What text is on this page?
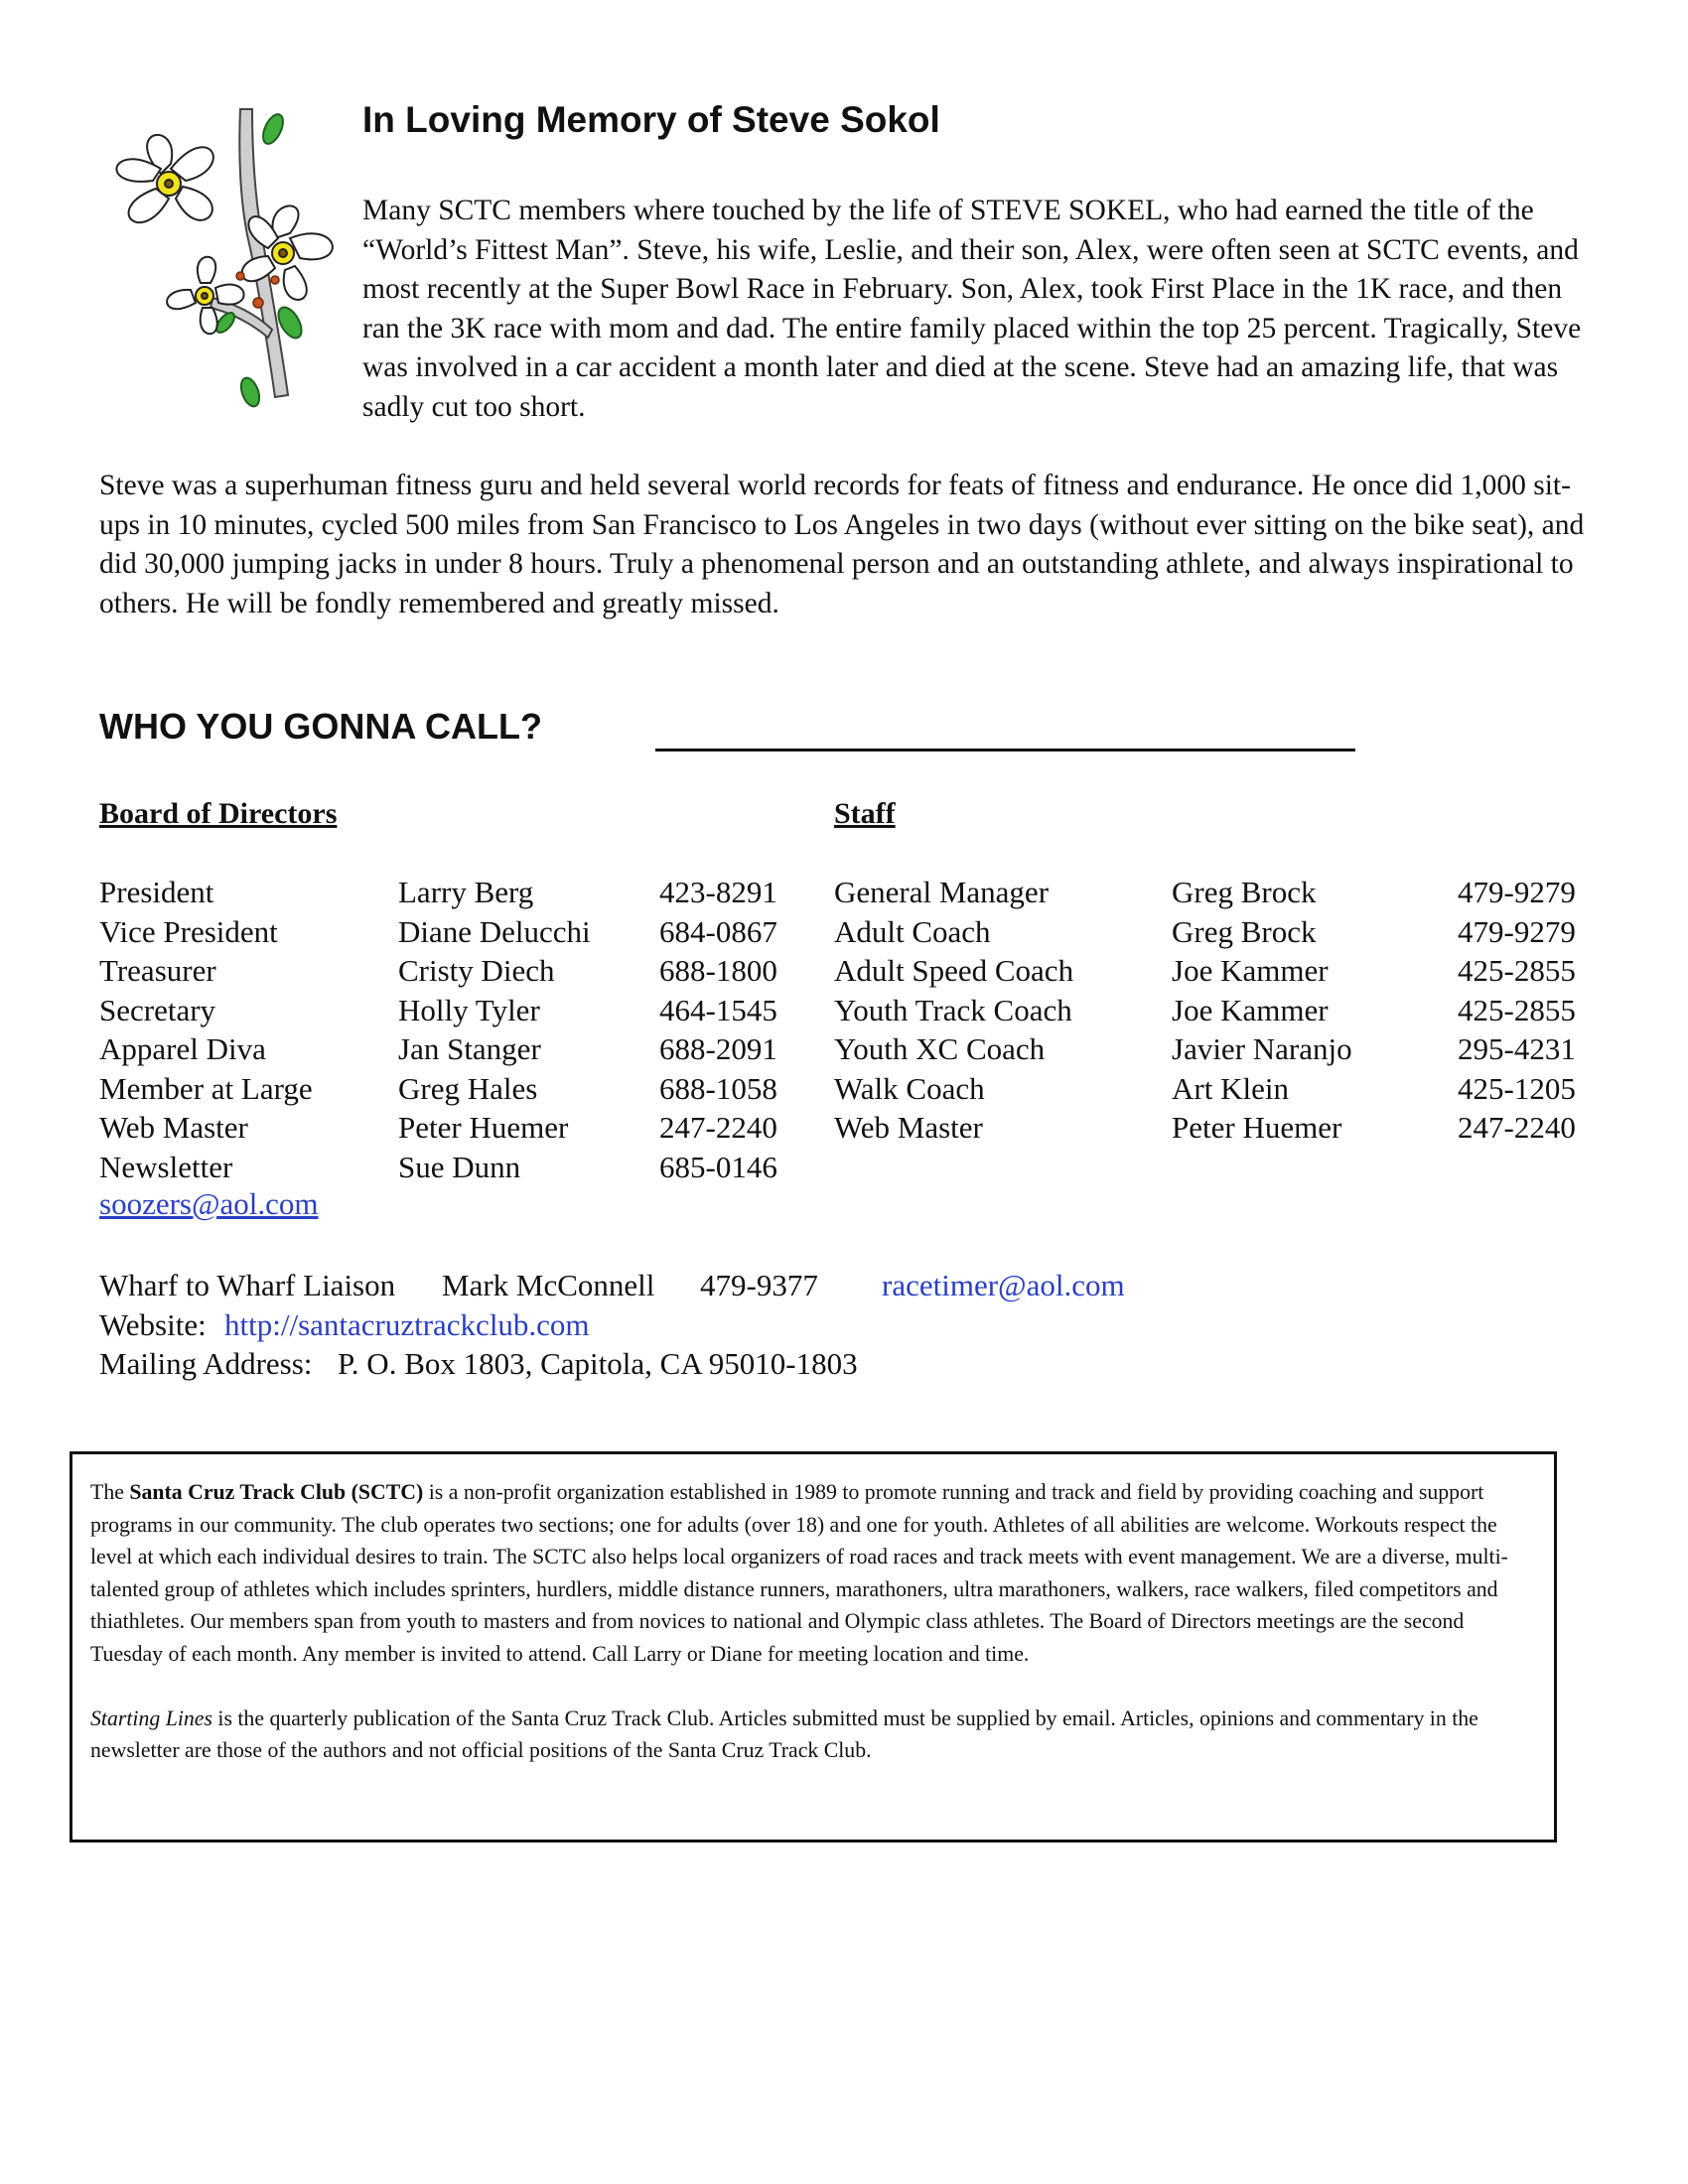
In Loving Memory of Steve Sokol

Many SCTC members where touched by the life of STEVE SOKEL, who had earned the title of the “World’s Fittest Man”. Steve, his wife, Leslie, and their son, Alex, were often seen at SCTC events, and most recently at the Super Bowl Race in February. Son, Alex, took First Place in the 1K race, and then ran the 3K race with mom and dad. The entire family placed within the top 25 percent. Tragically, Steve was involved in a car accident a month later and died at the scene. Steve had an amazing life, that was sadly cut too short.

Steve was a superhuman fitness guru and held several world records for feats of fitness and endurance. He once did 1,000 sit-ups in 10 minutes, cycled 500 miles from San Francisco to Los Angeles in two days (without ever sitting on the bike seat), and did 30,000 jumping jacks in under 8 hours. Truly a phenomenal person and an outstanding athlete, and always inspirational to others. He will be fondly remembered and greatly missed.

WHO YOU GONNA CALL?
Board of Directors	Staff
President	Larry Berg	423-8291
Vice President	Diane Delucchi 684-0867
Treasurer	Cristy Diech	688-1800
Secretary	Holly Tyler	464-1545
Apparel Diva	Jan Stanger	688-2091
Member at Large	Greg Hales	688-1058
Web Master	Peter Huemer	247-2240
Newsletter	Sue Dunn	685-0146
soozers@aol.com
General Manager	Greg Brock	479-9279
Adult Coach	Greg Brock	479-9279
Adult Speed Coach	Joe Kammer	425-2855
Youth Track Coach	Joe Kammer	425-2855
Youth XC Coach	Javier Naranjo	295-4231
Walk Coach	Art Klein	425-1205
Web Master	Peter Huemer	247-2240
Wharf to Wharf Liaison Mark McConnell 479-9377 racetimer@aol.com
Website: http://santacruztrackclub.com
Mailing Address: P. O. Box 1803, Capitola, CA 95010-1803

The Santa Cruz Track Club (SCTC) is a non-profit organization established in 1989 to promote running and track and field by providing coaching and support programs in our community. The club operates two sections; one for adults (over 18) and one for youth. Athletes of all abilities are welcome. Workouts respect the level at which each individual desires to train. The SCTC also helps local organizers of road races and track meets with event management. We are a diverse, multi-talented group of athletes which includes sprinters, hurdlers, middle distance runners, marathoners, ultra marathoners, walkers, race walkers, filed competitors and thiathletes. Our members span from youth to masters and from novices to national and Olympic class athletes. The Board of Directors meetings are the second Tuesday of each month. Any member is invited to attend. Call Larry or Diane for meeting location and time.

Starting Lines is the quarterly publication of the Santa Cruz Track Club. Articles submitted must be supplied by email. Articles, opinions and commentary in the newsletter are those of the authors and not official positions of the Santa Cruz Track Club.
